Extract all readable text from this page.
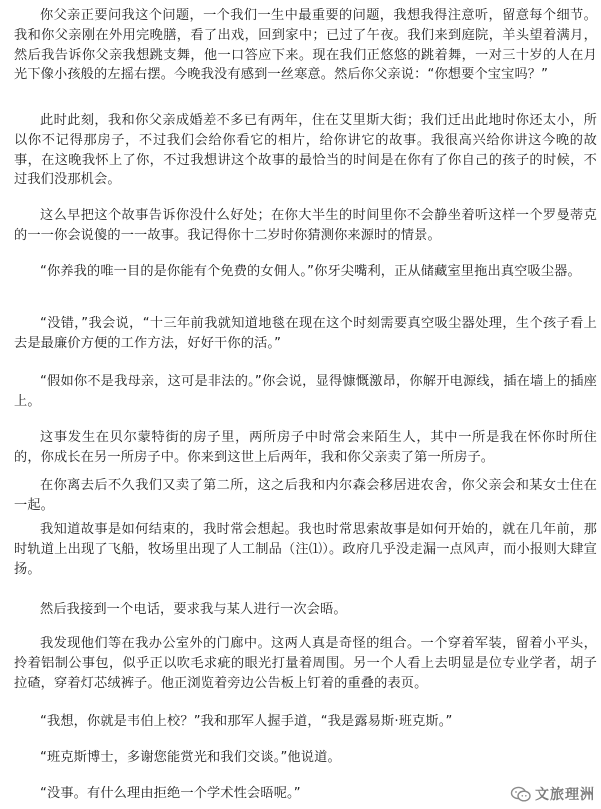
你父亲正要问我这个问题，一个我们一生中最重要的问题，我想我得注意听，留意每个细节。我和你父亲刚在外用完晚膳，看了出戏，回到家中；已过了午夜。我们来到庭院，羊头望着满月，然后我告诉你父亲我想跳支舞，他一口答应下来。现在我们正悠悠的跳着舞，一对三十岁的人在月光下像小孩般的左摇右摆。今晚我没有感到一丝寒意。然后你父亲说：“你想要个宝宝吗？”

此时此刻，我和你父亲成婚差不多已有两年，住在艾里斯大街；我们迁出此地时你还太小，所以你不记得那房子，不过我们会给你看它的相片，给你讲它的故事。我很高兴给你讲这今晚的故事，在这晚我怀上了你，不过我想讲这个故事的最恰当的时间是在你有了你自己的孩子的时候，不过我们没那机会。

这么早把这个故事告诉你没什么好处；在你大半生的时间里你不会静坐着听这样一个罗曼蒂克的一一你会说傻的一一故事。我记得你十二岁时你猜测你来源时的情景。

“你养我的唯一目的是你能有个免费的女佣人。”你牙尖嘴利，正从储藏室里拖出真空吸尘器。

“没错，”我会说，“十三年前我就知道地毯在现在这个时刻需要真空吸尘器处理，生个孩子看上去是最廉价方便的工作方法，好好干你的活。”

“假如你不是我母亲，这可是非法的。”你会说，显得慷慨激昂，你解开电源线，插在墙上的插座上。

这事发生在贝尔蒙特街的房子里，两所房子中时常会来陌生人，其中一所是我在怀你时所住的，你成长在另一所房子中。你来到这世上后两年，我和你父亲卖了第一所房子。

在你离去后不久我们又卖了第二所，这之后我和内尔森会移居进农舍，你父亲会和某女士住在一起。

我知道故事是如何结束的，我时常会想起。我也时常思索故事是如何开始的，就在几年前，那时轨道上出现了飞船，牧场里出现了人工制品（注⑴）。政府几乎没走漏一点风声，而小报则大肆宣扬。

然后我接到一个电话，要求我与某人进行一次会晤。

我发现他们等在我办公室外的门廊中。这两人真是奇怪的组合。一个穿着军装，留着小平头，拎着铝制公事包，似乎正以吹毛求疵的眼光打量着周围。另一个人看上去明显是位专业学者，胡子拉碴，穿着灯芯绒裤子。他正浏览着旁边公告板上钉着的重叠的表页。

“我想，你就是韦伯上校？”我和那军人握手道，“我是露易斯·班克斯。”

“班克斯博士，多谢您能赏光和我们交谈。”他说道。

“没事。有什么理由拒绝一个学术性会晤呢。”	文旅理洲
